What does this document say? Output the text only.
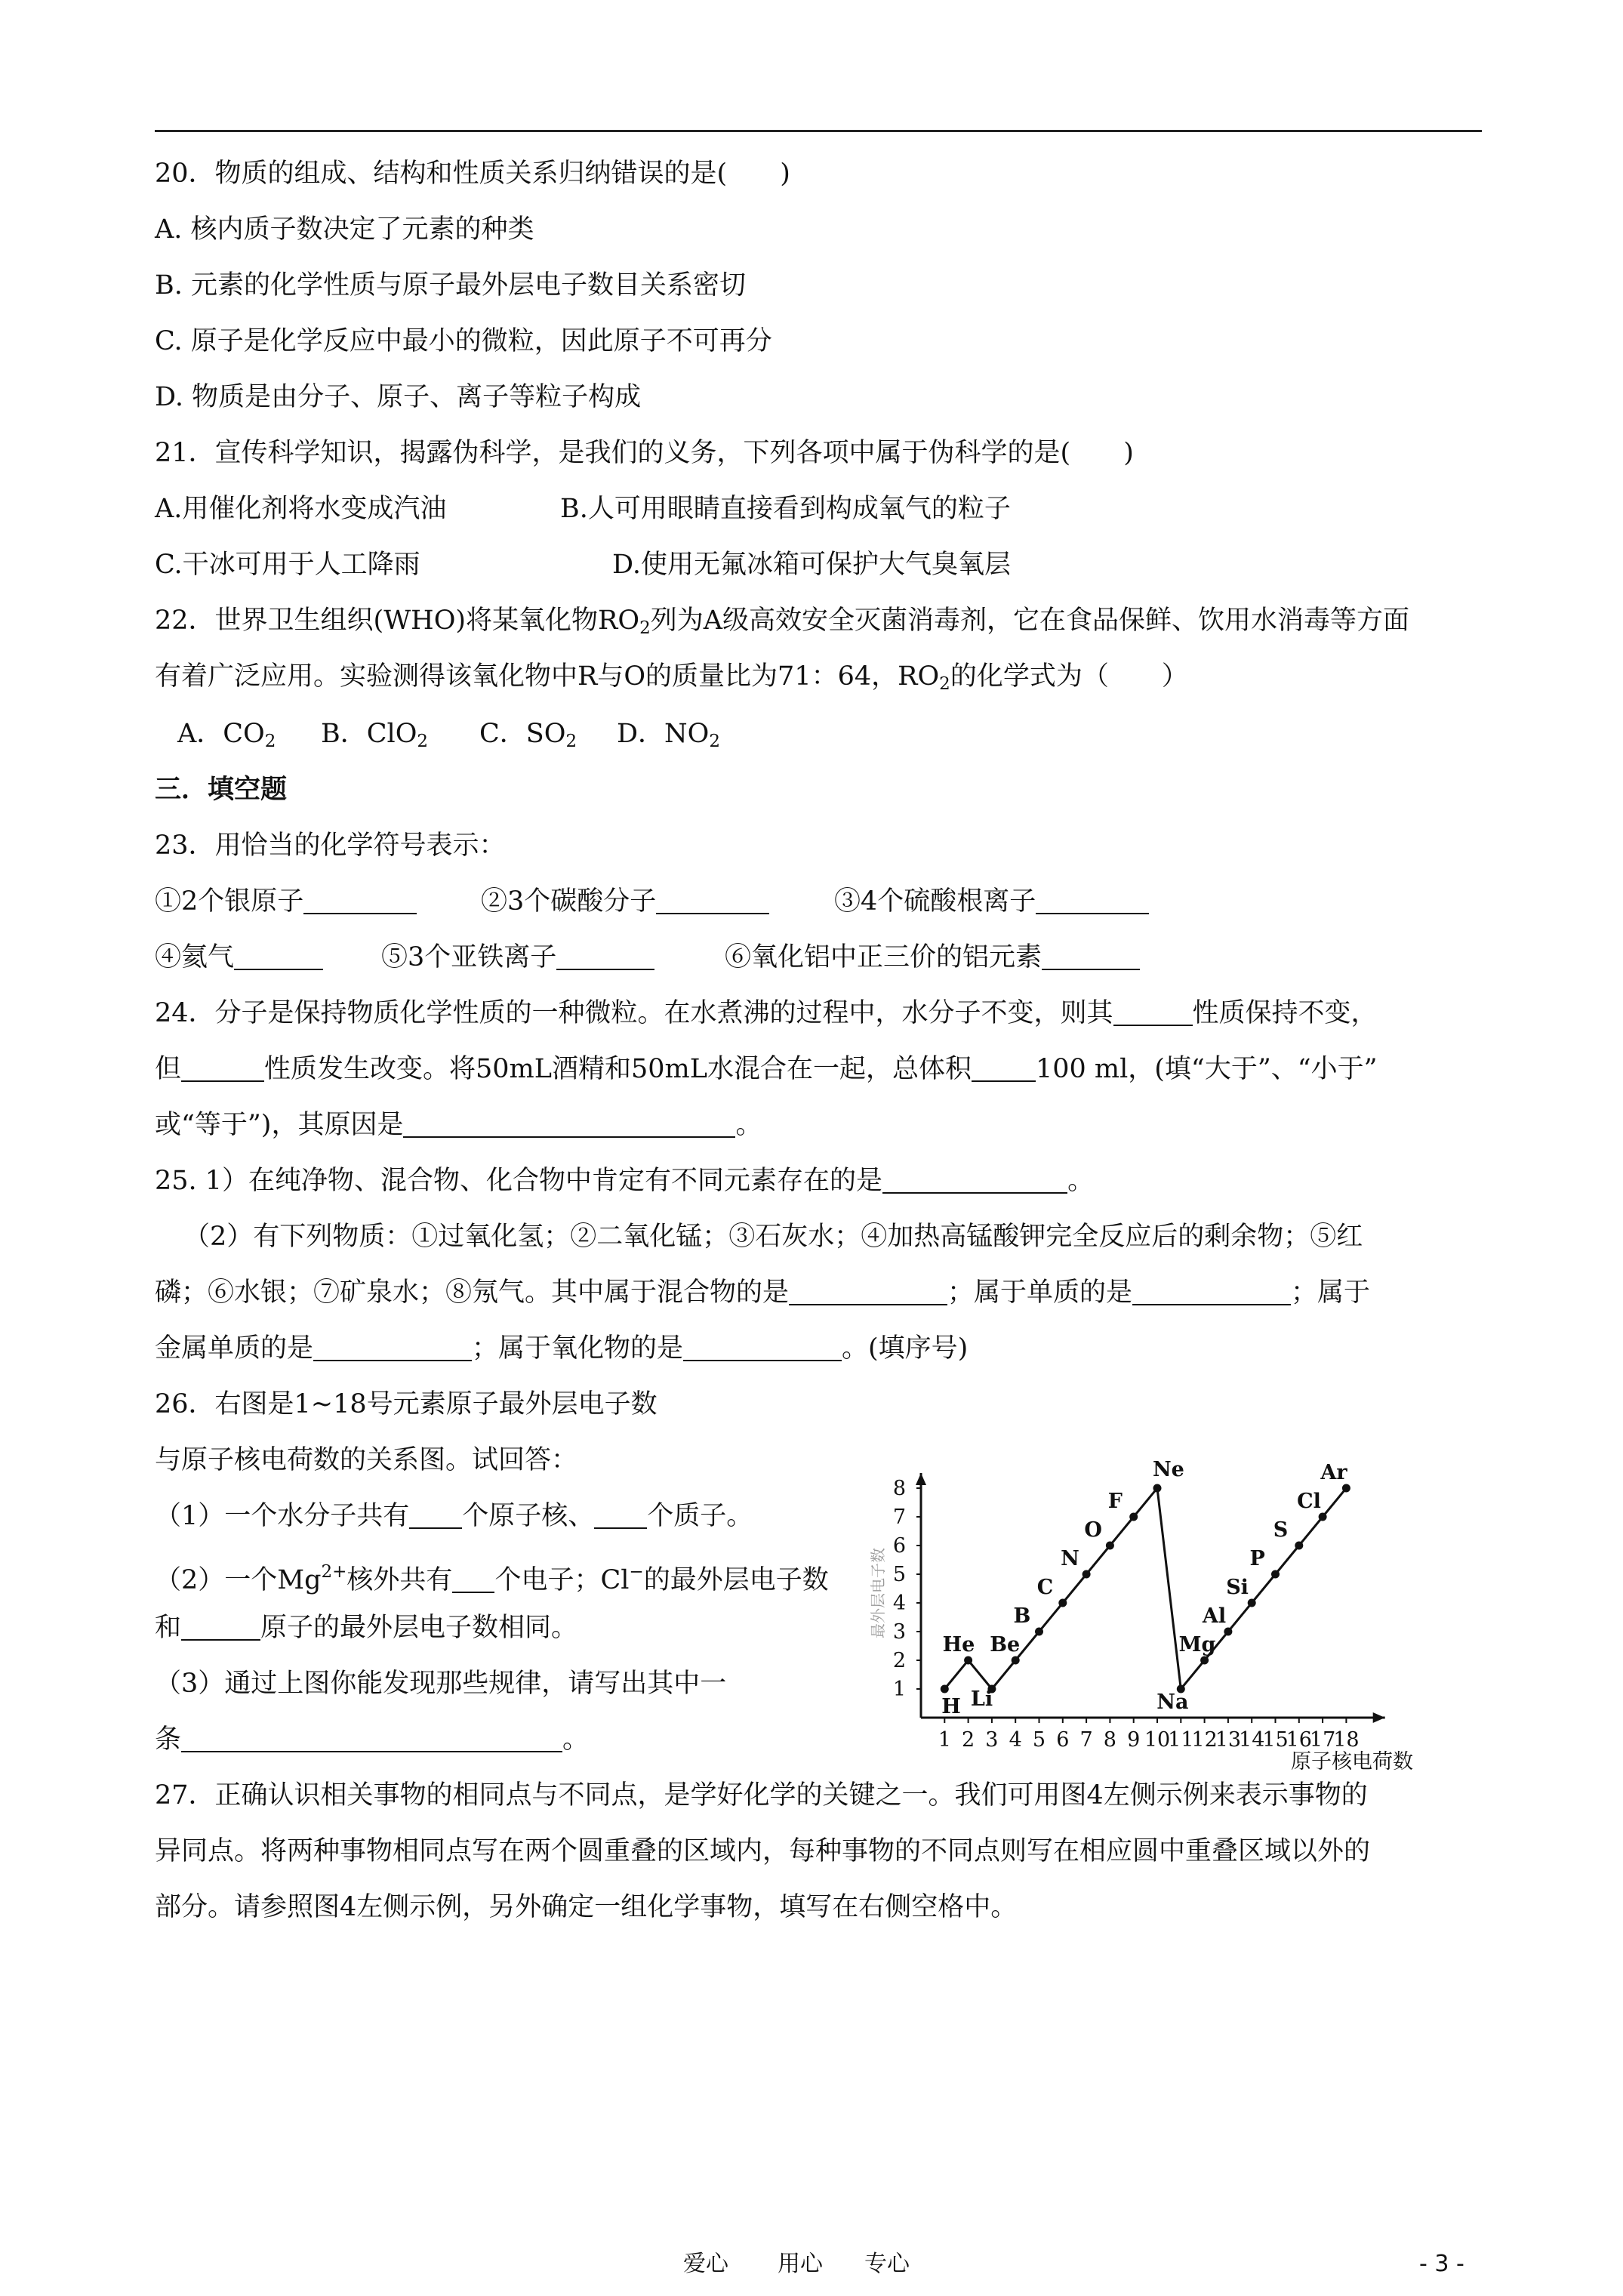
20．物质的组成、结构和性质关系归纳错误的是(　　)
A. 核内质子数决定了元素的种类
B. 元素的化学性质与原子最外层电子数目关系密切
C. 原子是化学反应中最小的微粒，因此原子不可再分
D. 物质是由分子、原子、离子等粒子构成
21．宣传科学知识，揭露伪科学，是我们的义务，下列各项中属于伪科学的是(　　)
A.用催化剂将水变成汽油	B.人可用眼睛直接看到构成氧气的粒子
C.干冰可用于人工降雨	D.使用无氟冰箱可保护大气臭氧层
22．世界卫生组织(WHO)将某氧化物$RO_2$列为A级高效安全灭菌消毒剂，它在食品保鲜、饮用水消毒等方面
有着广泛应用。实验测得该氧化物中R与O的质量比为71：64，$RO_2$的化学式为（　　）
A．$CO_2$ B．ClO$_2$ C．$SO_2$ D．$NO_2$
三．填空题
23．用恰当的化学符号表示：
①2个银原子	②3个碳酸分子	③4个硫酸根离子
④氦气	⑤3个亚铁离子	⑥氧化铝中正三价的铝元素
24．分子是保持物质化学性质的一种微粒。在水煮沸的过程中，水分子不变，则其	性质保持不变，
但	性质发生改变。将50mL酒精和50mL水混合在一起，总体积 100 ml，(填“大于”、“小于”
或“等于”)，其原因是	。
25. 1）在纯净物、混合物、化合物中肯定有不同元素存在的是	。
（2）有下列物质：①过氧化氢；②二氧化锰；③石灰水；④加热高锰酸钾完全反应后的剩余物；⑤红
磷；⑥水银；⑦矿泉水；⑧氖气。其中属于混合物的是	；属于单质的是	；属于
金属单质的是	；属于氧化物的是	。(填序号)
26．右图是1~18号元素原子最外层电子数
与原子核电荷数的关系图。试回答：
（1）一个水分子共有 个原子核、 个质子。
（2）一个$Mg^{2+}$核外共有 个电子；Cl−的最外层电子数
和	原子的最外层电子数相同。
（3）通过上图你能发现那些规律，请写出其中一
条	。	1 2 3 4 5 6 7 8 9 10
11
12
13
14
15
16
17
18
1
2
3
4
5
6
7
8
H
He
Li
Be
B
C
N
O
F
Ne
Na
Mg
Al
Si
P
S
Cl
Ar
原子核电荷数
最外层电子数
27．正确认识相关事物的相同点与不同点，是学好化学的关键之一。我们可用图4左侧示例来表示事物的
异同点。将两种事物相同点写在两个圆重叠的区域内，每种事物的不同点则写在相应圆中重叠区域以外的
部分。请参照图4左侧示例，另外确定一组化学事物，填写在右侧空格中。
爱心 用心 专心	- 3 -
